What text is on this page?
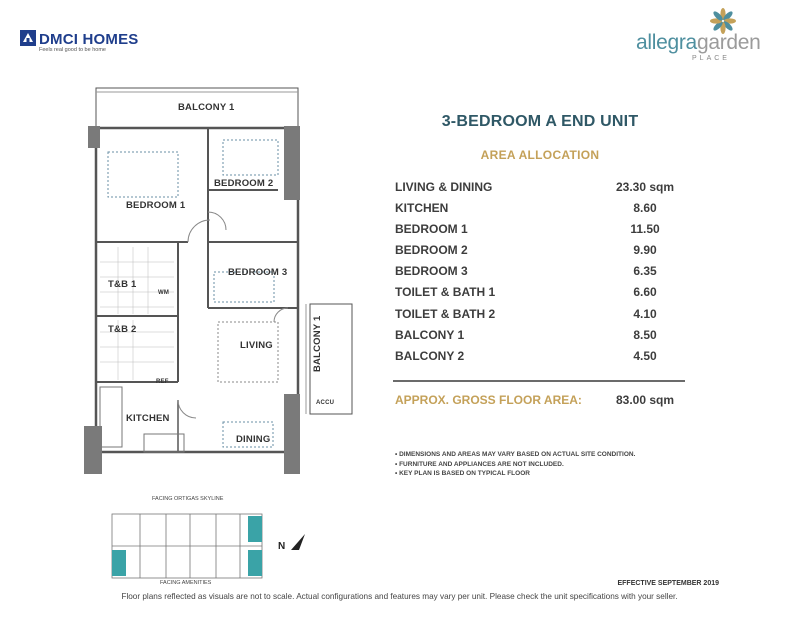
DMCI HOMES
Feels real good to be home	allegragarden
PLACE
BALCONY 1
BEDROOM 1
BEDROOM 2
BEDROOM 3
T&B 1
WM
T&B 2
LIVING	BALCONY 1
ACCU
REF
KITCHEN
DINING
FACING ORTIGAS SKYLINE
FACING AMENITIES
N
3-BEDROOM A END UNIT
AREA ALLOCATION
LIVING & DINING	23.30 sqm
KITCHEN	8.60
BEDROOM 1	11.50
BEDROOM 2	9.90
BEDROOM 3	6.35
TOILET & BATH 1	6.60
TOILET & BATH 2	4.10
BALCONY 1	8.50
BALCONY 2	4.50
APPROX. GROSS FLOOR AREA:	83.00 sqm
• DIMENSIONS AND AREAS MAY VARY BASED ON ACTUAL SITE CONDITION.
• FURNITURE AND APPLIANCES ARE NOT INCLUDED.
• KEY PLAN IS BASED ON TYPICAL FLOOR
EFFECTIVE SEPTEMBER 2019
Floor plans reflected as visuals are not to scale. Actual configurations and features may vary per unit. Please check the unit specifications with your seller.
